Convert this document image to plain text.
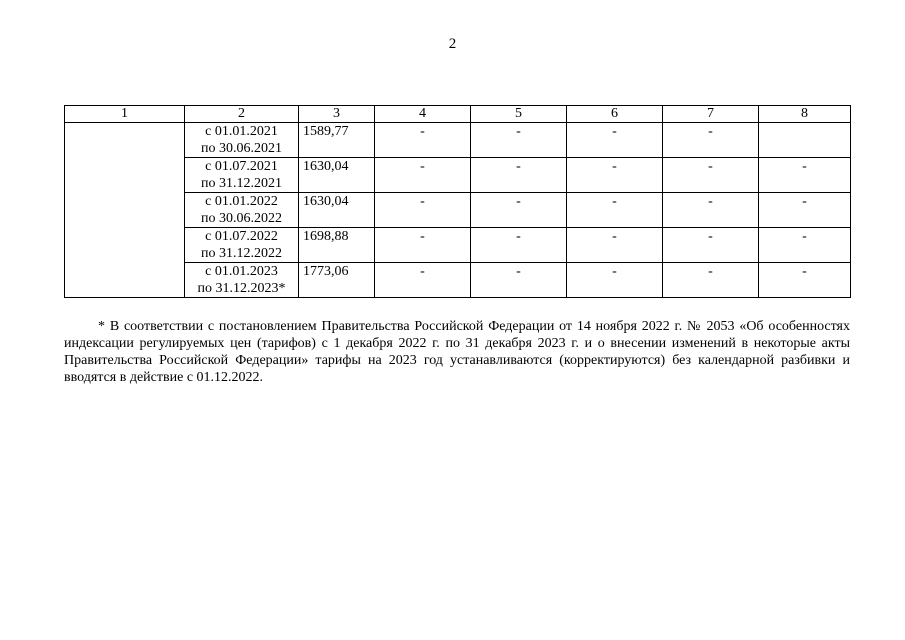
2
1	2	3	4	5	6	7	8
	с 01.01.2021
по 30.06.2021	1589,77	-	-	-	-	
	с 01.07.2021
по 31.12.2021	1630,04	-	-	-	-	-
	с 01.01.2022
по 30.06.2022	1630,04	-	-	-	-	-
	с 01.07.2022
по 31.12.2022	1698,88	-	-	-	-	-
	с 01.01.2023
по 31.12.2023*	1773,06	-	-	-	-	-
* В соответствии с постановлением Правительства Российской Федерации от 14 ноября 2022 г. № 2053 «Об особенностях индексации регулируемых цен (тарифов) с 1 декабря 2022 г. по 31 декабря 2023 г. и о внесении изменений в некоторые акты Правительства Российской Федерации» тарифы на 2023 год устанавливаются (корректируются) без календарной разбивки и вводятся в действие с 01.12.2022.
